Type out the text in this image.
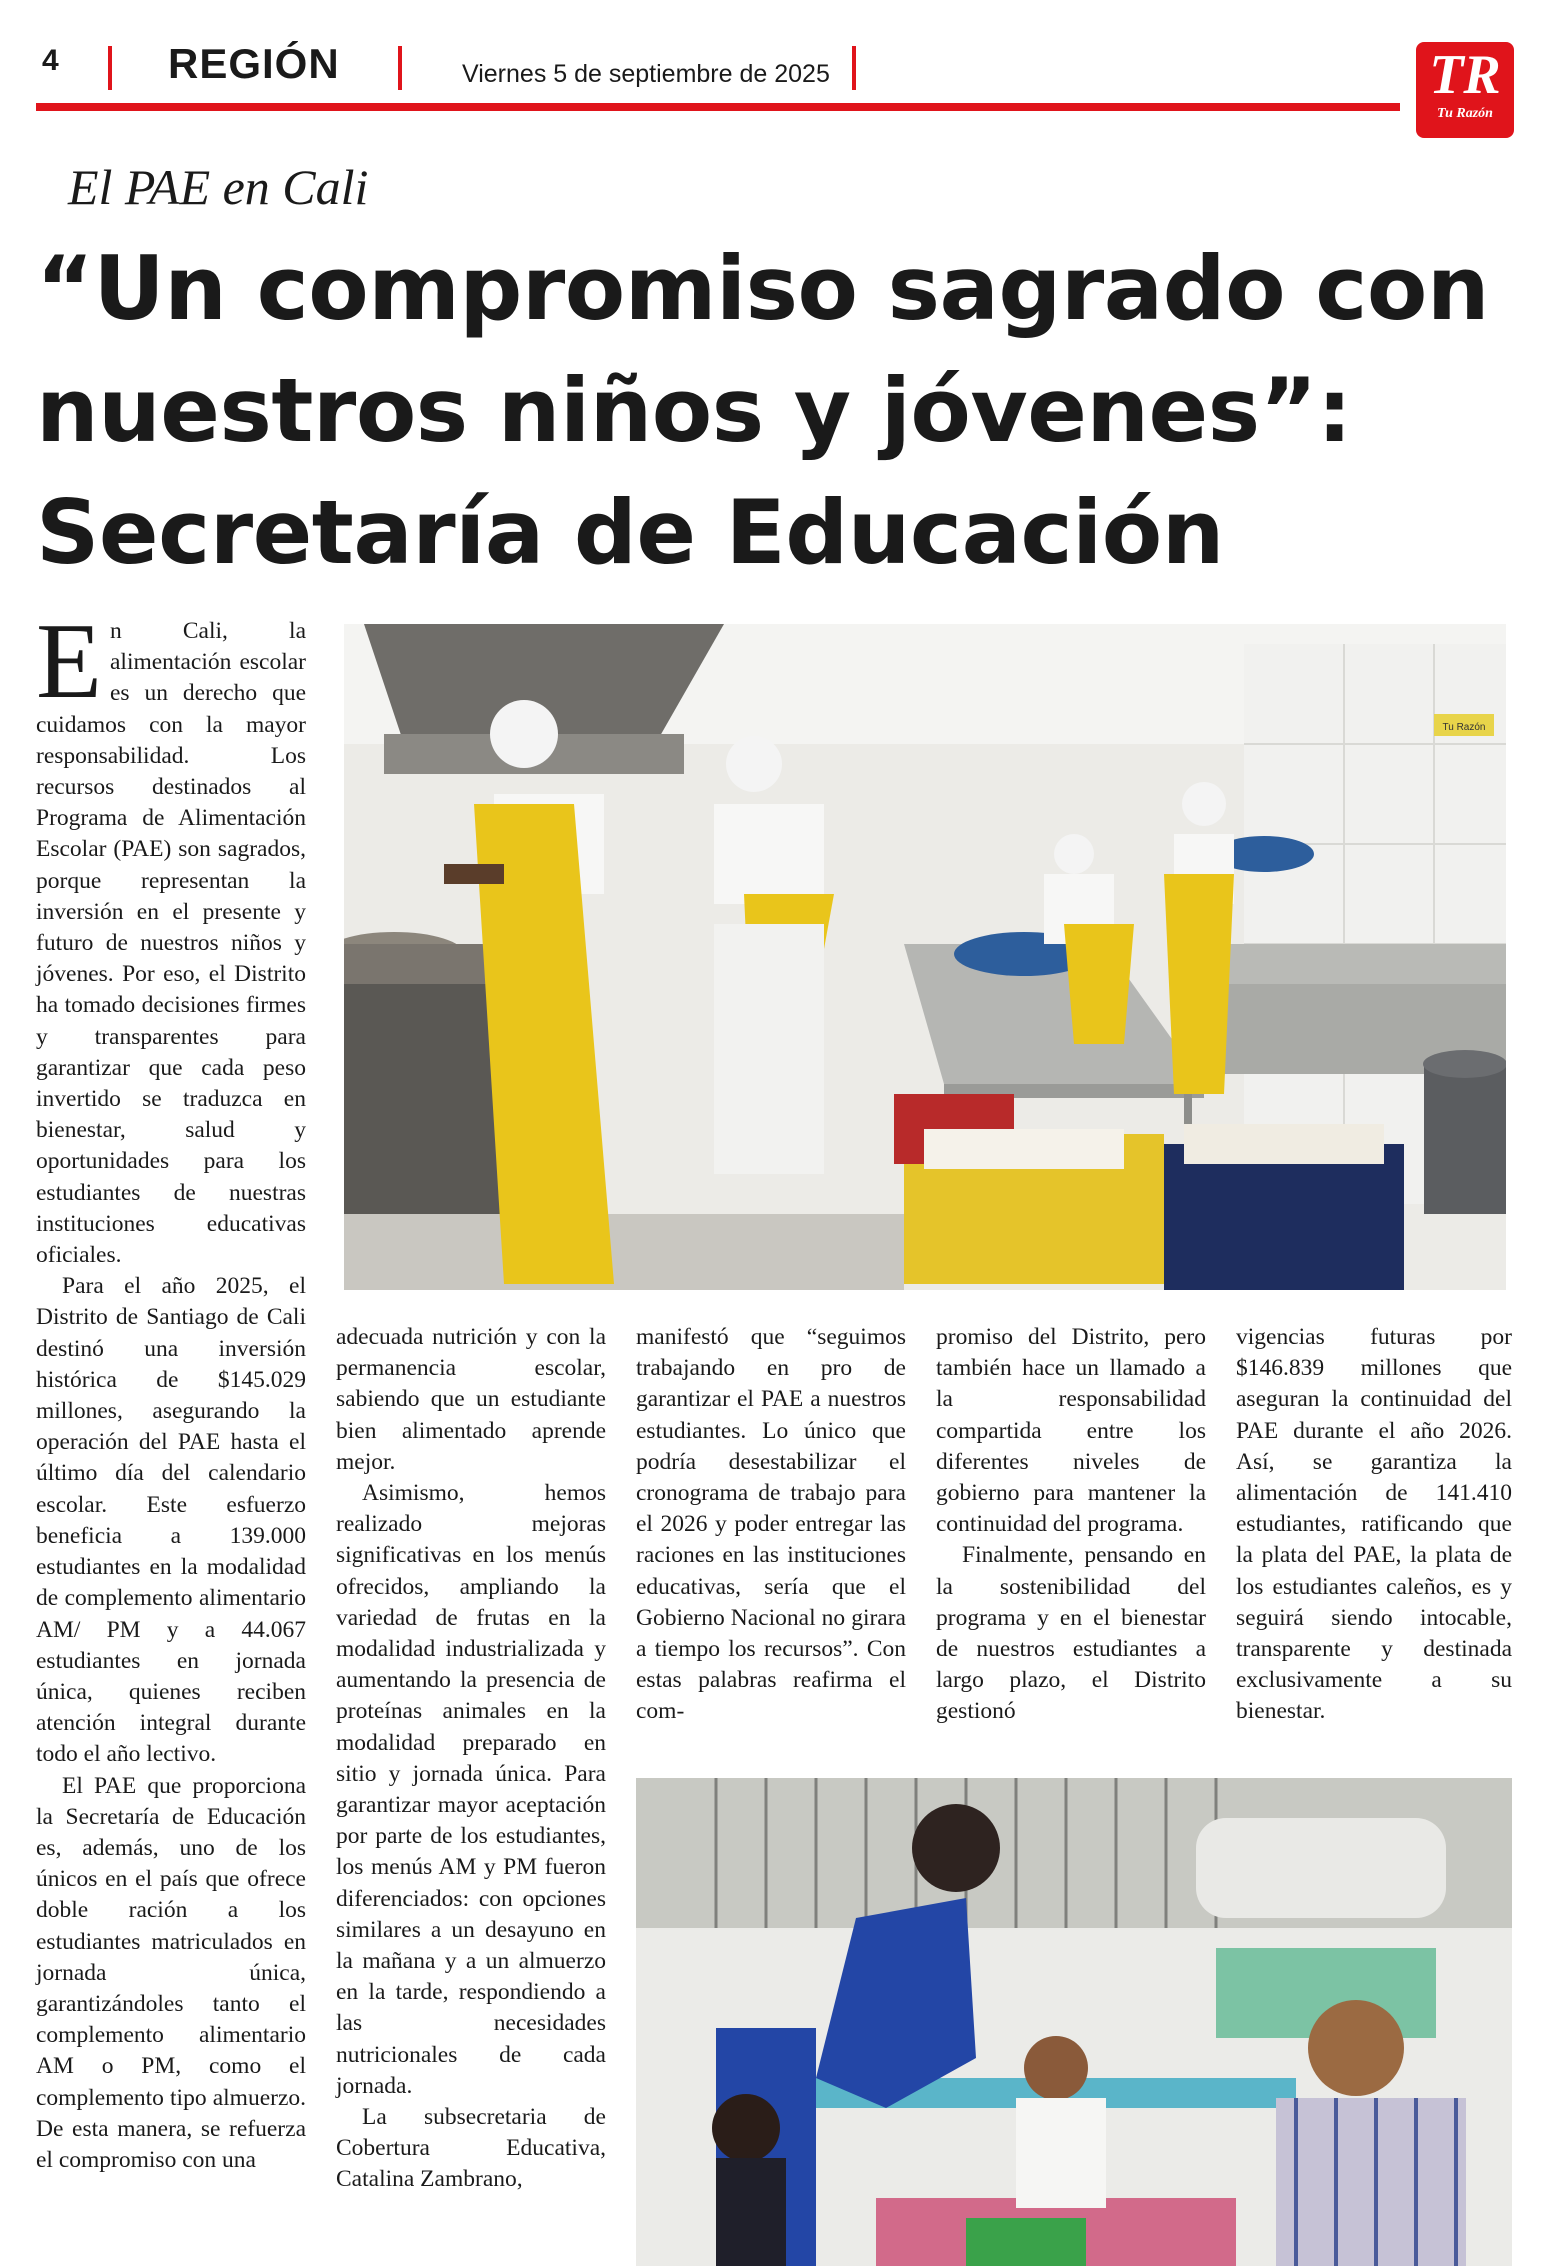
4	REGIÓN	Viernes 5 de septiembre de 2025	TR
Tu Razón
El PAE en Cali
“Un compromiso sagrado con nuestros niños y jóvenes”: Secretaría de Educación

En Cali, la alimentación escolar es un derecho que cuidamos con la mayor responsabilidad. Los recursos destinados al Programa de Alimentación Escolar (PAE) son sagrados, porque representan la inversión en el presente y futuro de nuestros niños y jóvenes. Por eso, el Distrito ha tomado decisiones firmes y transparentes para garantizar que cada peso invertido se traduzca en bienestar, salud y oportunidades para los estudiantes de nuestras instituciones educativas oficiales.

Para el año 2025, el Distrito de Santiago de Cali destinó una inversión histórica de $145.029 millones, asegurando la operación del PAE hasta el último día del calendario escolar. Este esfuerzo beneficia a 139.000 estudiantes en la modalidad de complemento alimentario AM/ PM y a 44.067 estudiantes en jornada única, quienes reciben atención integral durante todo el año lectivo.

El PAE que proporciona la Secretaría de Educación es, además, uno de los únicos en el país que ofrece doble ración a los estudiantes matriculados en jornada única, garantizándoles tanto el complemento alimentario AM o PM, como el complemento tipo almuerzo. De esta manera, se refuerza el compromiso con una

Tu Razón

adecuada nutrición y con la permanencia escolar, sabiendo que un estudiante bien alimentado aprende mejor.

Asimismo, hemos realizado mejoras significativas en los menús ofrecidos, ampliando la variedad de frutas en la modalidad industrializada y aumentando la presencia de proteínas animales en la modalidad preparado en sitio y jornada única. Para garantizar mayor aceptación por parte de los estudiantes, los menús AM y PM fueron diferenciados: con opciones similares a un desayuno en la mañana y a un almuerzo en la tarde, respondiendo a las necesidades nutricionales de cada jornada.

La subsecretaria de Cobertura Educativa, Catalina Zambrano,

manifestó que “seguimos trabajando en pro de garantizar el PAE a nuestros estudiantes. Lo único que podría desestabilizar el cronograma de trabajo para el 2026 y poder entregar las raciones en las instituciones educativas, sería que el Gobierno Nacional no girara a tiempo los recursos”. Con estas palabras reafirma el com-

promiso del Distrito, pero también hace un llamado a la responsabilidad compartida entre los diferentes niveles de gobierno para mantener la continuidad del programa.

Finalmente, pensando en la sostenibilidad del programa y en el bienestar de nuestros estudiantes a largo plazo, el Distrito gestionó

vigencias futuras por $146.839 millones que aseguran la continuidad del PAE durante el año 2026. Así, se garantiza la alimentación de 141.410 estudiantes, ratificando que la plata del PAE, la plata de los estudiantes caleños, es y seguirá siendo intocable, transparente y destinada exclusivamente a su bienestar.
